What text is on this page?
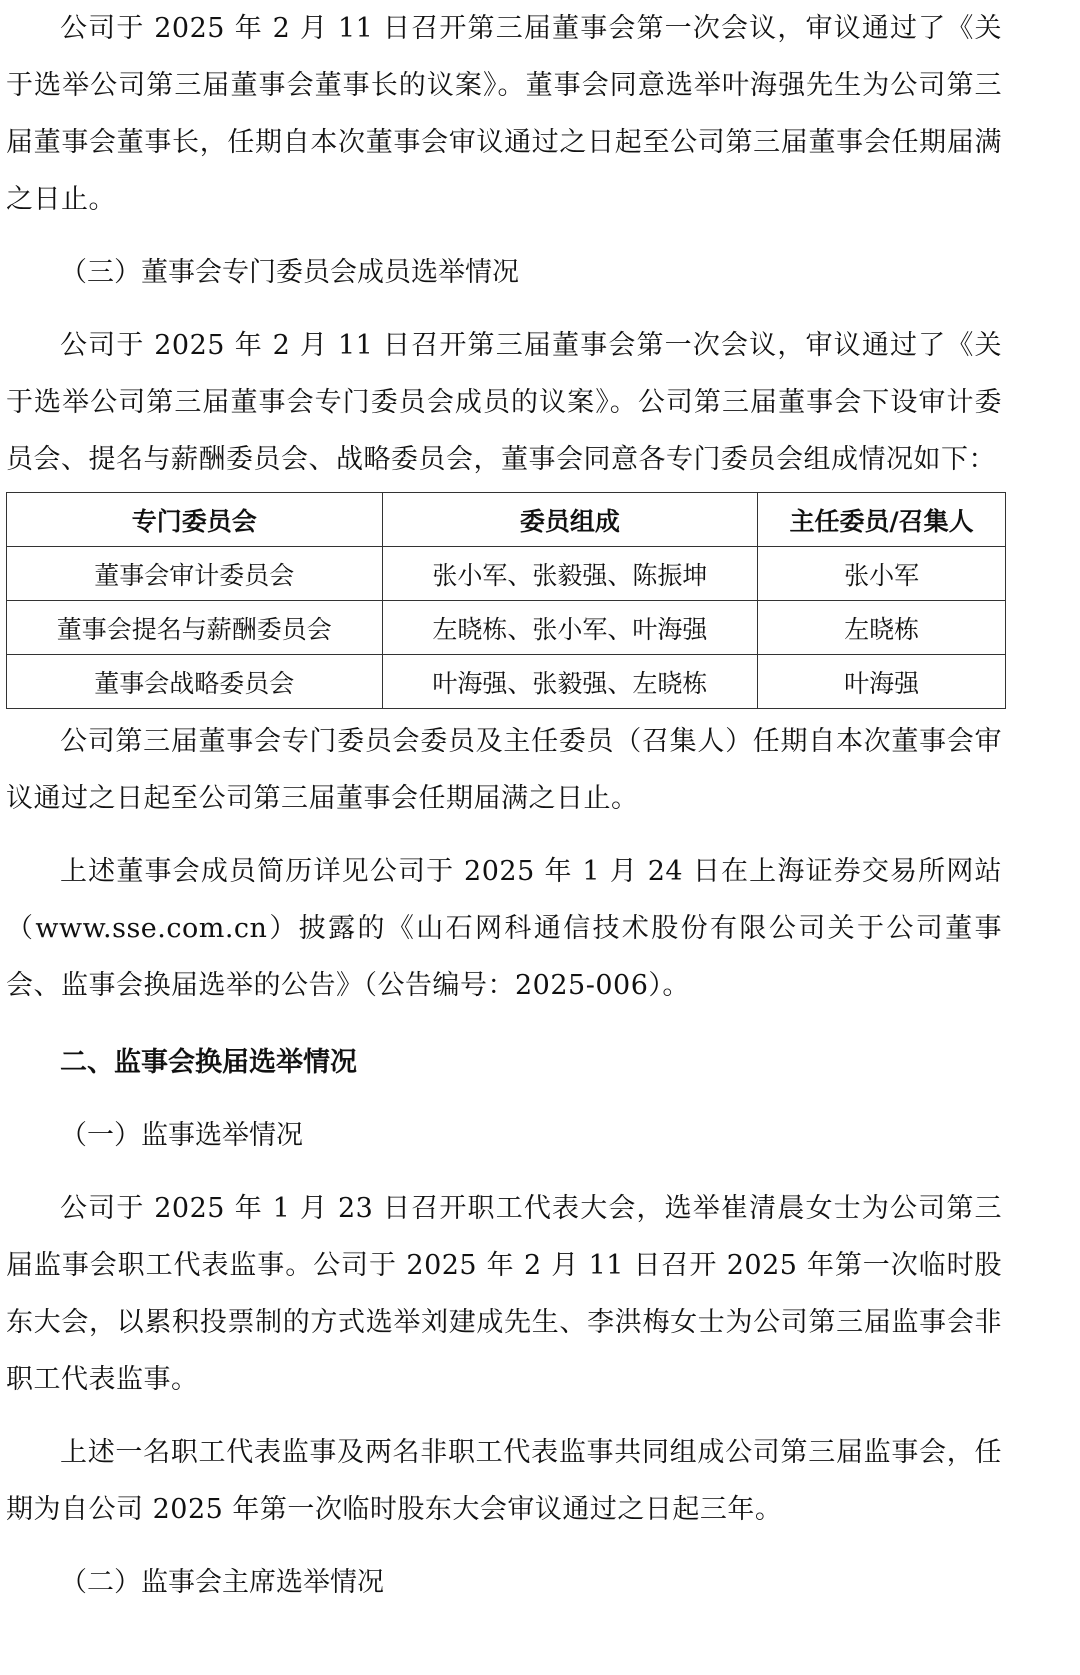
公司于 2025 年 2 月 11 日召开第三届董事会第一次会议，审议通过了《关于选举公司第三届董事会董事长的议案》。董事会同意选举叶海强先生为公司第三届董事会董事长，任期自本次董事会审议通过之日起至公司第三届董事会任期届满之日止。

（三）董事会专门委员会成员选举情况

公司于 2025 年 2 月 11 日召开第三届董事会第一次会议，审议通过了《关于选举公司第三届董事会专门委员会成员的议案》。公司第三届董事会下设审计委员会、提名与薪酬委员会、战略委员会，董事会同意各专门委员会组成情况如下：

专门委员会	委员组成	主任委员/召集人
董事会审计委员会	张小军、张毅强、陈振坤	张小军
董事会提名与薪酬委员会	左晓栋、张小军、叶海强	左晓栋
董事会战略委员会	叶海强、张毅强、左晓栋	叶海强

公司第三届董事会专门委员会委员及主任委员（召集人）任期自本次董事会审议通过之日起至公司第三届董事会任期届满之日止。

上述董事会成员简历详见公司于 2025 年 1 月 24 日在上海证券交易所网站（www.sse.com.cn）披露的《山石网科通信技术股份有限公司关于公司董事会、监事会换届选举的公告》（公告编号：2025-006）。

二、监事会换届选举情况

（一）监事选举情况

公司于 2025 年 1 月 23 日召开职工代表大会，选举崔清晨女士为公司第三届监事会职工代表监事。公司于 2025 年 2 月 11 日召开 2025 年第一次临时股东大会，以累积投票制的方式选举刘建成先生、李洪梅女士为公司第三届监事会非职工代表监事。

上述一名职工代表监事及两名非职工代表监事共同组成公司第三届监事会，任期为自公司 2025 年第一次临时股东大会审议通过之日起三年。

（二）监事会主席选举情况
